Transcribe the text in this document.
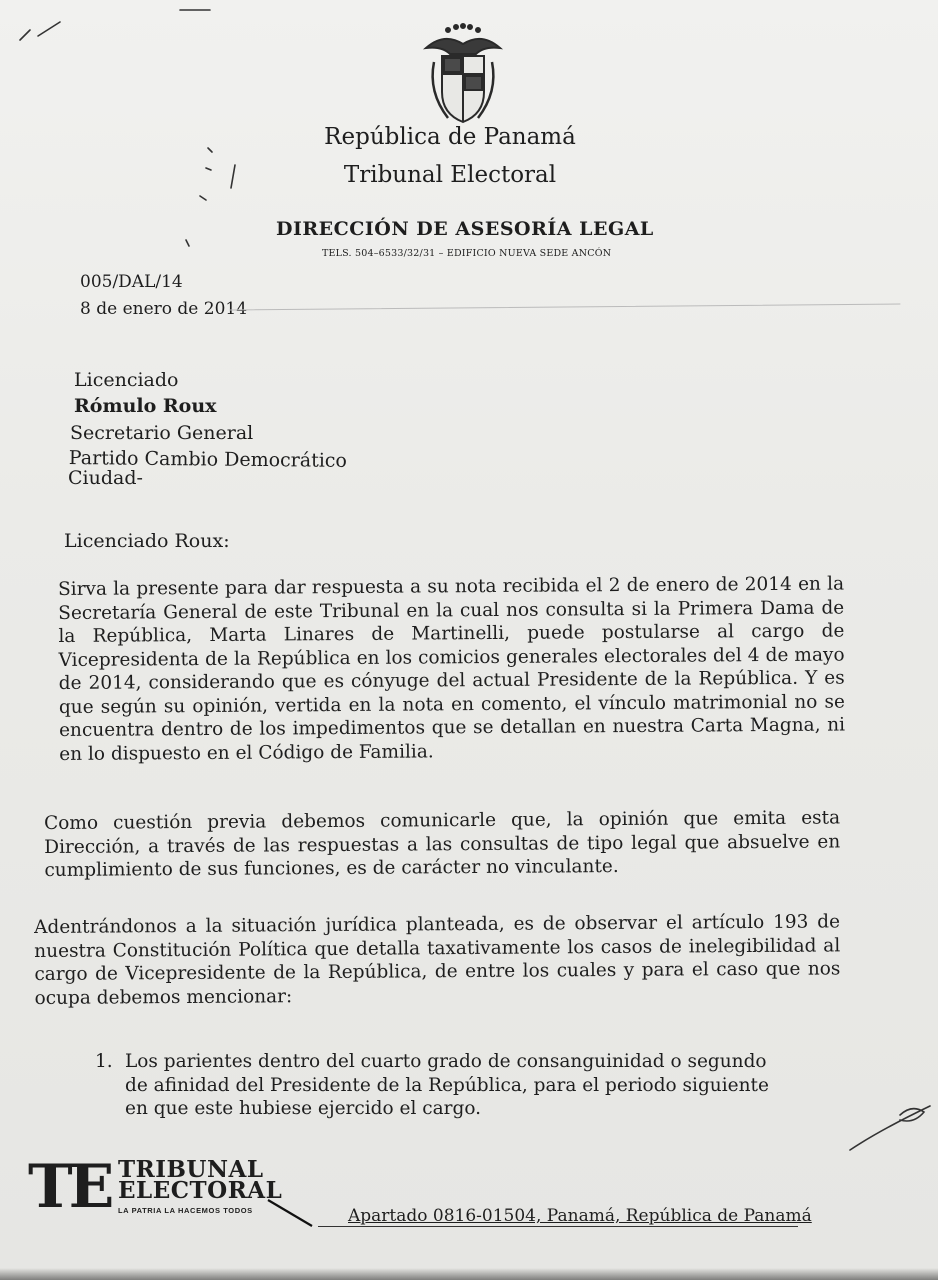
República de Panamá
Tribunal Electoral
DIRECCIÓN DE ASESORÍA LEGAL
TELS. 504–6533/32/31 – EDIFICIO NUEVA SEDE ANCÓN
005/DAL/14
8 de enero de 2014
Licenciado
Rómulo Roux
Secretario General
Partido Cambio Democrático
Ciudad-
Licenciado Roux:
Sirva la presente para dar respuesta a su nota recibida el 2 de enero de 2014 en la Secretaría General de este Tribunal en la cual nos consulta si la Primera Dama de la República, Marta Linares de Martinelli, puede postularse al cargo de Vicepresidenta de la República en los comicios generales electorales del 4 de mayo de 2014, considerando que es cónyuge del actual Presidente de la República. Y es que según su opinión, vertida en la nota en comento, el vínculo matrimonial no se encuentra dentro de los impedimentos que se detallan en nuestra Carta Magna, ni en lo dispuesto en el Código de Familia.
Como cuestión previa debemos comunicarle que, la opinión que emita esta Dirección, a través de las respuestas a las consultas de tipo legal que absuelve en cumplimiento de sus funciones, es de carácter no vinculante.
Adentrándonos a la situación jurídica planteada, es de observar el artículo 193 de nuestra Constitución Política que detalla taxativamente los casos de inelegibilidad al cargo de Vicepresidente de la República, de entre los cuales y para el caso que nos ocupa debemos mencionar:
1. Los parientes dentro del cuarto grado de consanguinidad o segundo de afinidad del Presidente de la República, para el periodo siguiente en que este hubiese ejercido el cargo.
TE TRIBUNAL
ELECTORAL
LA PATRIA LA HACEMOS TODOS	Apartado 0816-01504, Panamá, República de Panamá
